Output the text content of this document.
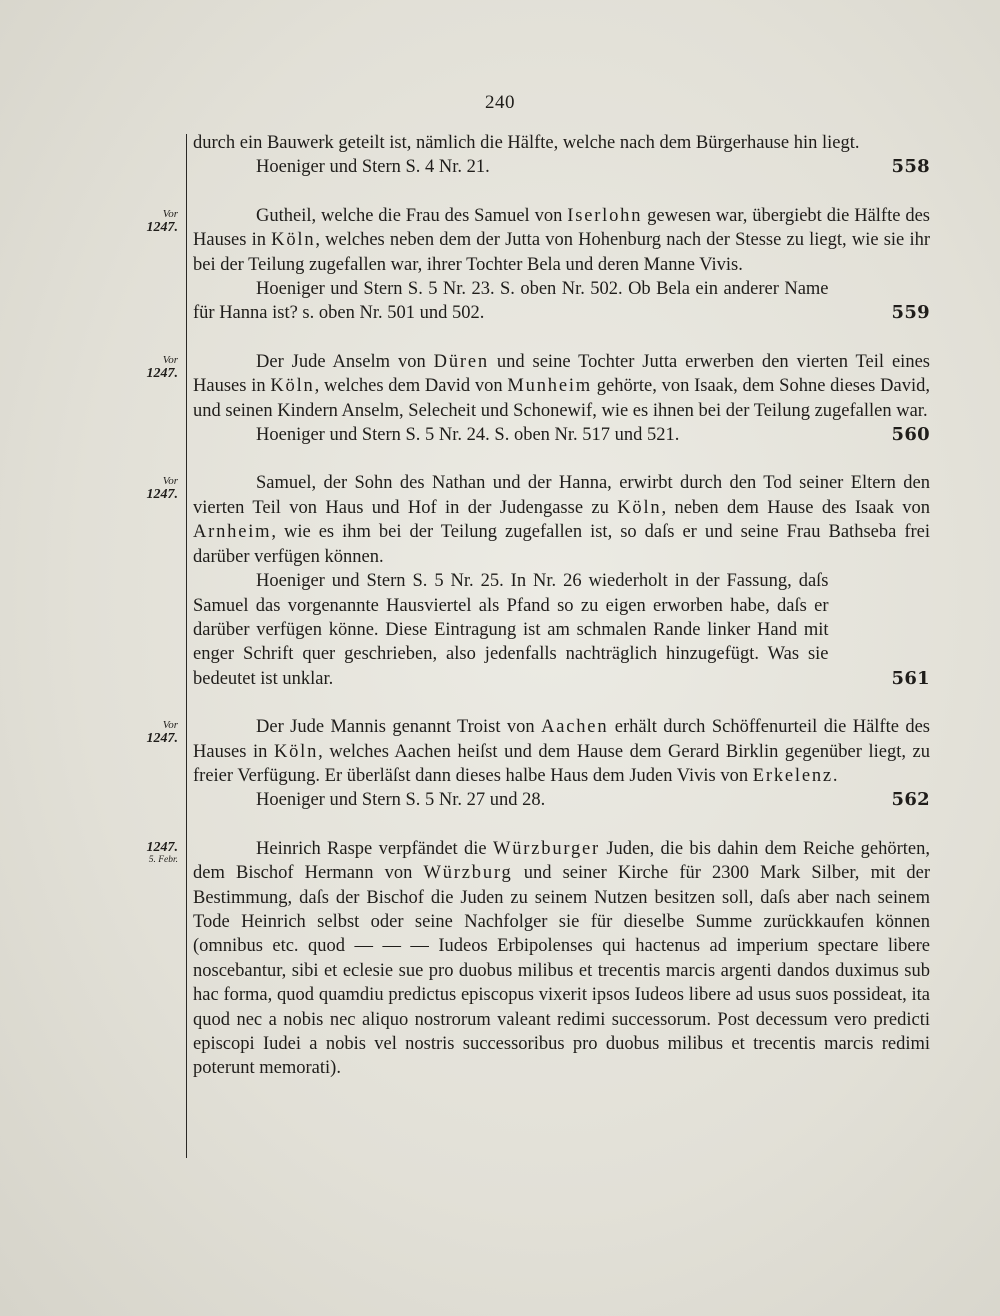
240
durch ein Bauwerk geteilt ist, nämlich die Hälfte, welche nach dem Bürgerhause hin liegt.
558
Hoeniger und Stern S. 4 Nr. 21.
Vor
1247.
Gutheil, welche die Frau des Samuel von Iserlohn gewesen war, übergiebt die Hälfte des Hauses in Köln, welches neben dem der Jutta von Hohenburg nach der Stesse zu liegt, wie sie ihr bei der Teilung zugefallen war, ihrer Tochter Bela und deren Manne Vivis.
559
Hoeniger und Stern S. 5 Nr. 23. S. oben Nr. 502. Ob Bela ein anderer Name für Hanna ist? s. oben Nr. 501 und 502.
Vor
1247.
Der Jude Anselm von Düren und seine Tochter Jutta erwerben den vierten Teil eines Hauses in Köln, welches dem David von Munheim gehörte, von Isaak, dem Sohne dieses David, und seinen Kindern Anselm, Selecheit und Schonewif, wie es ihnen bei der Teilung zugefallen war.
560
Hoeniger und Stern S. 5 Nr. 24. S. oben Nr. 517 und 521.
Vor
1247.
Samuel, der Sohn des Nathan und der Hanna, erwirbt durch den Tod seiner Eltern den vierten Teil von Haus und Hof in der Judengasse zu Köln, neben dem Hause des Isaak von Arnheim, wie es ihm bei der Teilung zugefallen ist, so daſs er und seine Frau Bathseba frei darüber verfügen können.
561
Hoeniger und Stern S. 5 Nr. 25. In Nr. 26 wiederholt in der Fassung, daſs Samuel das vorgenannte Hausviertel als Pfand so zu eigen erworben habe, daſs er darüber verfügen könne. Diese Eintragung ist am schmalen Rande linker Hand mit enger Schrift quer geschrieben, also jedenfalls nachträglich hinzugefügt. Was sie bedeutet ist unklar.
Vor
1247.
Der Jude Mannis genannt Troist von Aachen erhält durch Schöffenurteil die Hälfte des Hauses in Köln, welches Aachen heiſst und dem Hause dem Gerard Birklin gegenüber liegt, zu freier Verfügung. Er überläſst dann dieses halbe Haus dem Juden Vivis von Erkelenz.
562
Hoeniger und Stern S. 5 Nr. 27 und 28.
1247.
5. Febr.
Heinrich Raspe verpfändet die Würzburger Juden, die bis dahin dem Reiche gehörten, dem Bischof Hermann von Würzburg und seiner Kirche für 2300 Mark Silber, mit der Bestimmung, daſs der Bischof die Juden zu seinem Nutzen besitzen soll, daſs aber nach seinem Tode Heinrich selbst oder seine Nachfolger sie für dieselbe Summe zurückkaufen können (omnibus etc. quod — — — Iudeos Erbipolenses qui hactenus ad imperium spectare libere noscebantur, sibi et eclesie sue pro duobus milibus et trecentis marcis argenti dandos duximus sub hac forma, quod quamdiu predictus episcopus vixerit ipsos Iudeos libere ad usus suos possideat, ita quod nec a nobis nec aliquo nostrorum valeant redimi successorum. Post decessum vero predicti episcopi Iudei a nobis vel nostris successoribus pro duobus milibus et trecentis marcis redimi poterunt memorati).
